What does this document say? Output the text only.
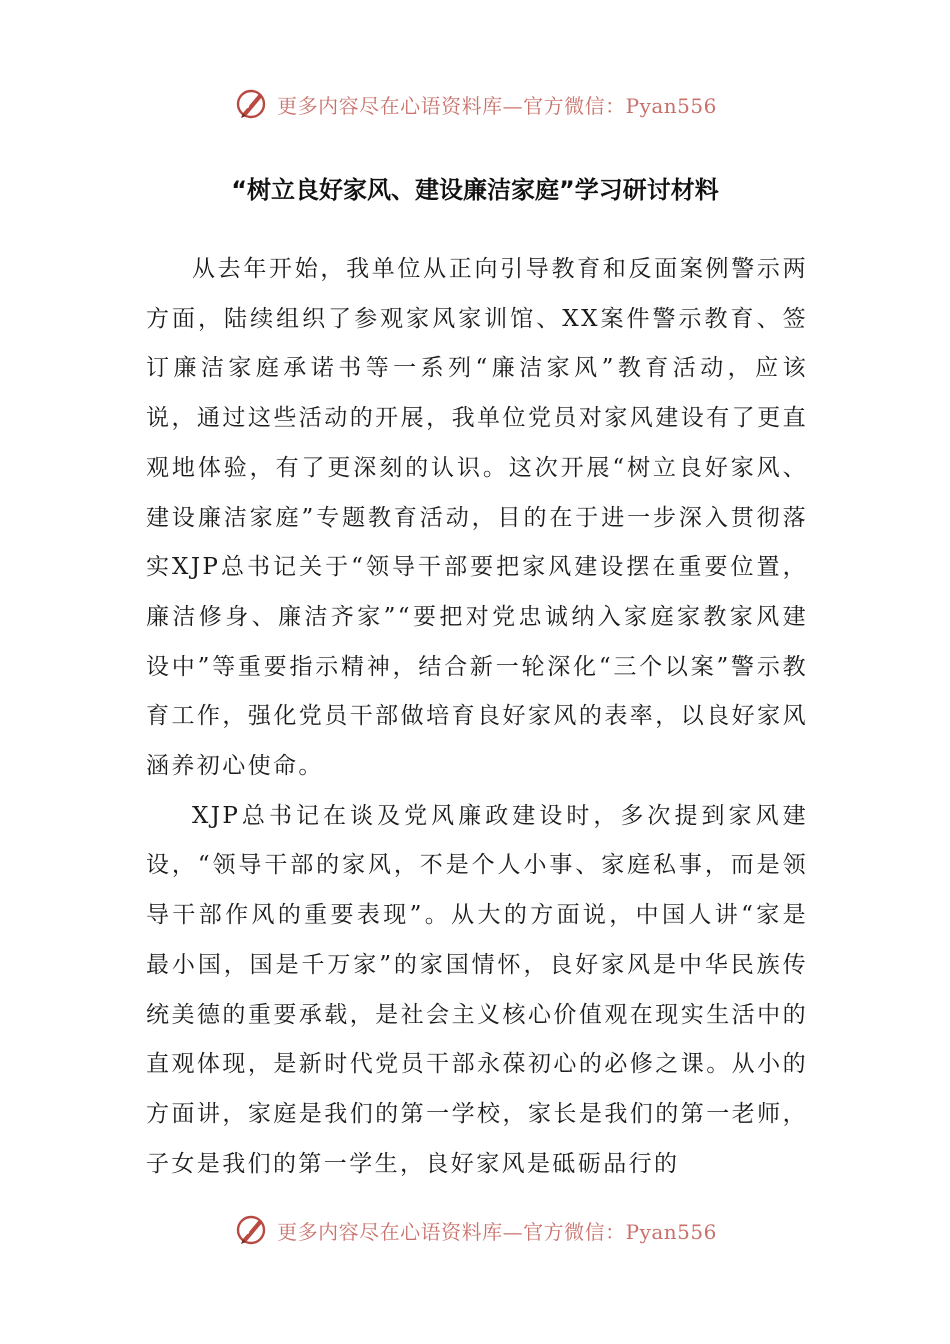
更多内容尽在心语资料库—官方微信：Pyan556
“树立良好家风、建设廉洁家庭”学习研讨材料

从去年开始，我单位从正向引导教育和反面案例警示两方面，陆续组织了参观家风家训馆、XX案件警示教育、签订廉洁家庭承诺书等一系列“廉洁家风”教育活动，应该说，通过这些活动的开展，我单位党员对家风建设有了更直观地体验，有了更深刻的认识。这次开展“树立良好家风、建设廉洁家庭”专题教育活动，目的在于进一步深入贯彻落实XJP总书记关于“领导干部要把家风建设摆在重要位置，廉洁修身、廉洁齐家”“要把对党忠诚纳入家庭家教家风建设中”等重要指示精神，结合新一轮深化“三个以案”警示教育工作，强化党员干部做培育良好家风的表率，以良好家风涵养初心使命。

XJP总书记在谈及党风廉政建设时，多次提到家风建设，“领导干部的家风，不是个人小事、家庭私事，而是领导干部作风的重要表现”。从大的方面说，中国人讲“家是最小国，国是千万家”的家国情怀，良好家风是中华民族传统美德的重要承载，是社会主义核心价值观在现实生活中的直观体现，是新时代党员干部永葆初心的必修之课。从小的方面讲，家庭是我们的第一学校，家长是我们的第一老师，子女是我们的第一学生，良好家风是砥砺品行的

更多内容尽在心语资料库—官方微信：Pyan556
